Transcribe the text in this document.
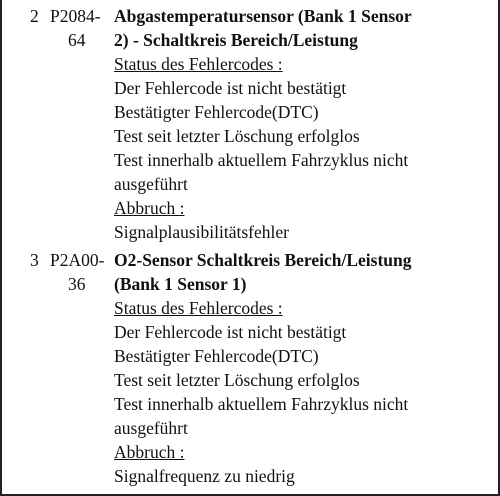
2 P2084-
64
Abgastemperatursensor (Bank 1 Sensor
2) - Schaltkreis Bereich/Leistung
Status des Fehlercodes :
Der Fehlercode ist nicht bestätigt
Bestätigter Fehlercode(DTC)
Test seit letzter Löschung erfolglos
Test innerhalb aktuellem Fahrzyklus nicht
ausgeführt
Abbruch :
Signalplausibilitätsfehler
3 P2A00-
36
O2-Sensor Schaltkreis Bereich/Leistung
(Bank 1 Sensor 1)
Status des Fehlercodes :
Der Fehlercode ist nicht bestätigt
Bestätigter Fehlercode(DTC)
Test seit letzter Löschung erfolglos
Test innerhalb aktuellem Fahrzyklus nicht
ausgeführt
Abbruch :
Signalfrequenz zu niedrig
